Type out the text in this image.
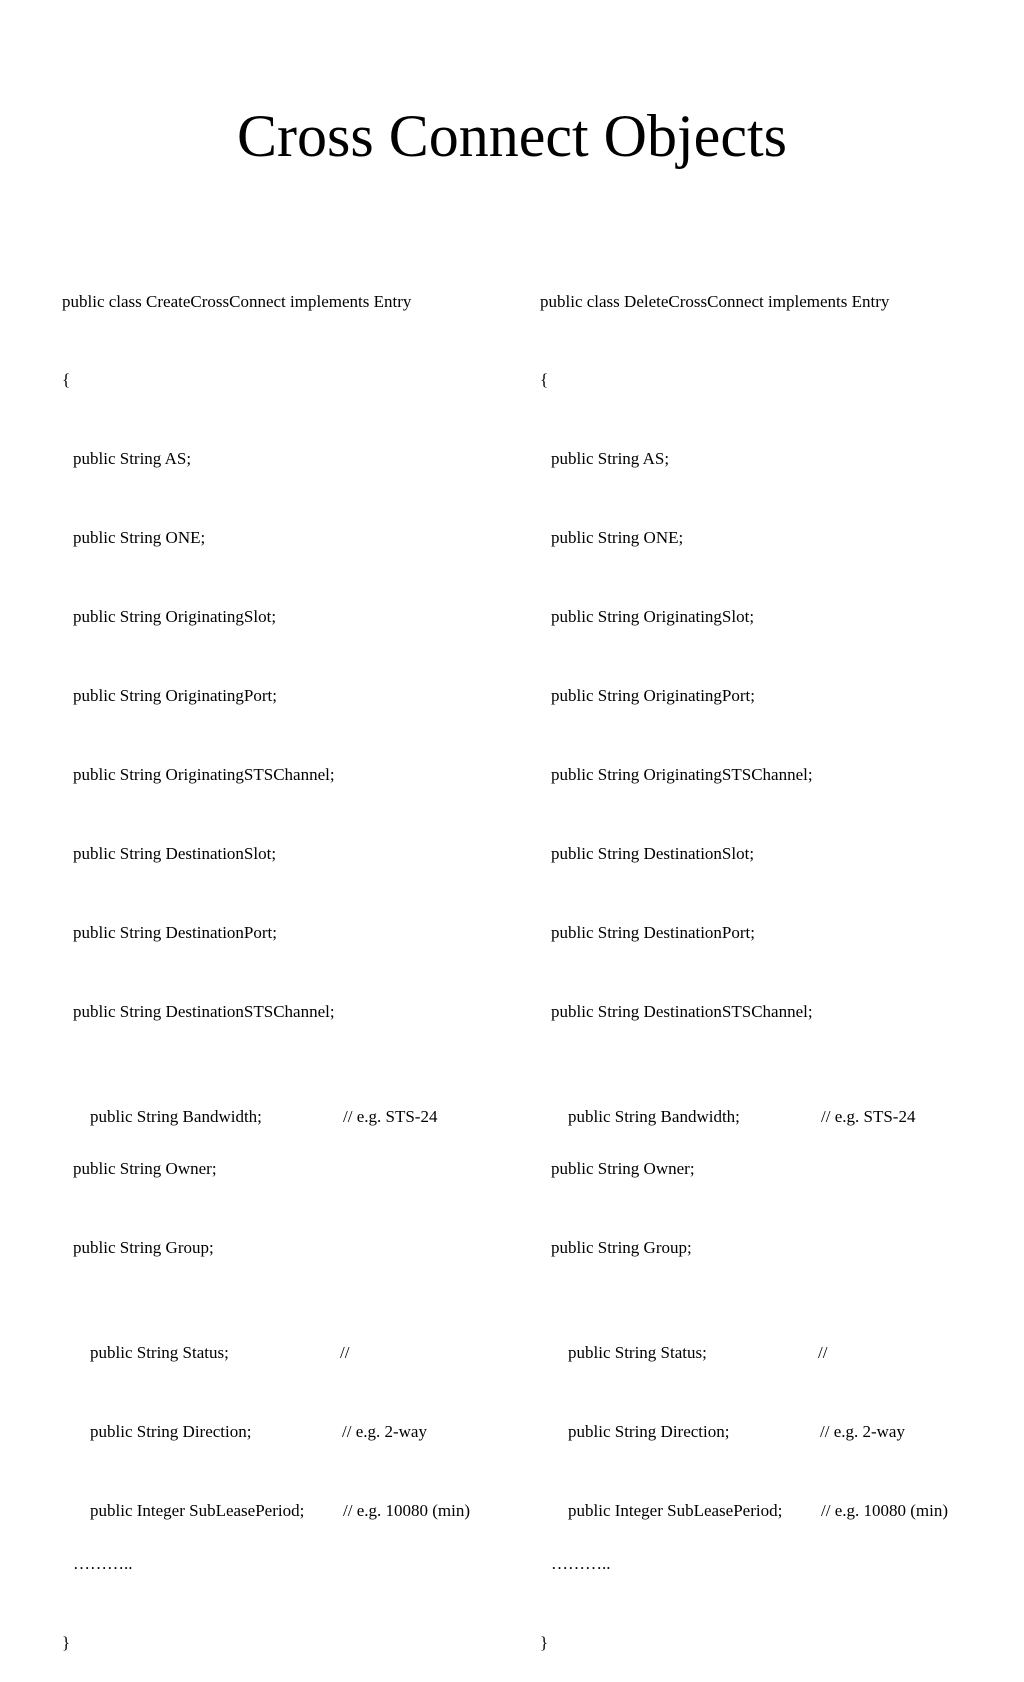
Cross Connect Objects

public class CreateCrossConnect implements Entry

{

public String AS;

public String ONE;

public String OriginatingSlot;

public String OriginatingPort;

public String OriginatingSTSChannel;

public String DestinationSlot;

public String DestinationPort;

public String DestinationSTSChannel;

public String Bandwidth;	// e.g. STS-24

public String Owner;

public String Group;

public String Status;	//

public String Direction;	// e.g. 2-way

public Integer SubLeasePeriod; // e.g. 10080 (min)

………..

}

public class DeleteCrossConnect implements Entry

{

public String AS;

public String ONE;

public String OriginatingSlot;

public String OriginatingPort;

public String OriginatingSTSChannel;

public String DestinationSlot;

public String DestinationPort;

public String DestinationSTSChannel;

public String Bandwidth;	// e.g. STS-24

public String Owner;

public String Group;

public String Status;	//

public String Direction;	// e.g. 2-way

public Integer SubLeasePeriod; // e.g. 10080 (min)

………..

}
